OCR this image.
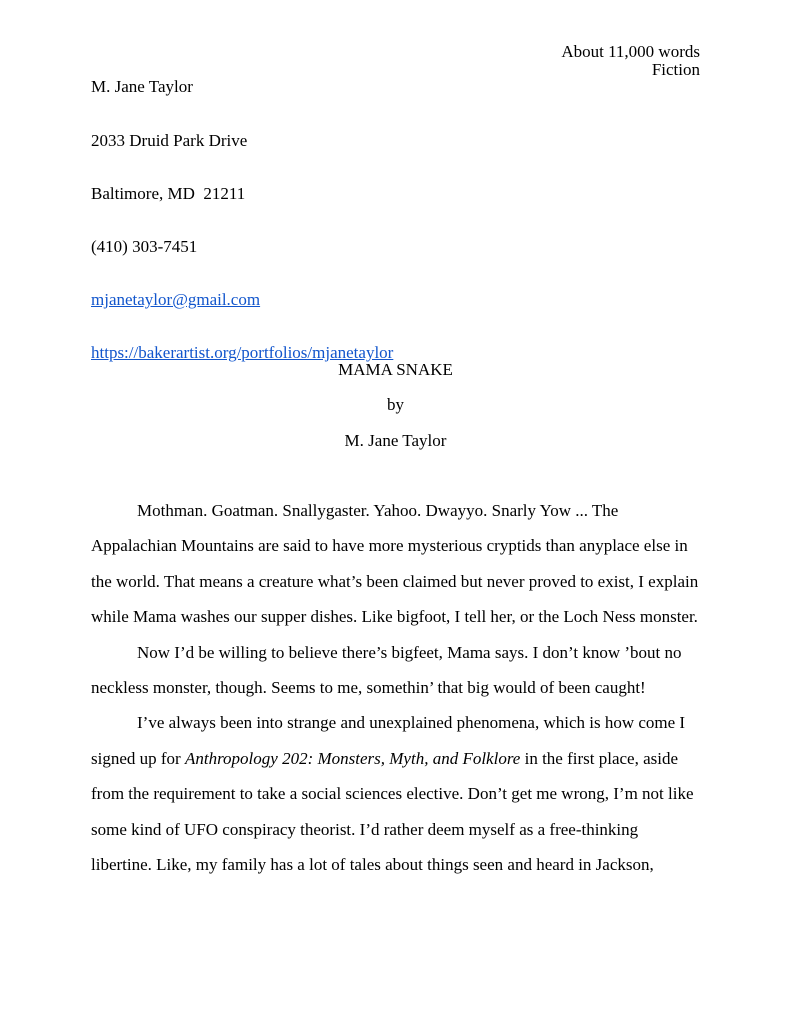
M. Jane Taylor

2033 Druid Park Drive

Baltimore, MD  21211

(410) 303-7451

mjanetaylor@gmail.com

https://bakerartist.org/portfolios/mjanetaylor

About 11,000 words
Fiction
MAMA SNAKE
by
M. Jane Taylor

Mothman. Goatman. Snallygaster. Yahoo. Dwayyo. Snarly Yow ... The Appalachian Mountains are said to have more mysterious cryptids than anyplace else in the world. That means a creature what’s been claimed but never proved to exist, I explain while Mama washes our supper dishes. Like bigfoot, I tell her, or the Loch Ness monster.

Now I’d be willing to believe there’s bigfeet, Mama says. I don’t know ’bout no neckless monster, though. Seems to me, somethin’ that big would of been caught!

I’ve always been into strange and unexplained phenomena, which is how come I signed up for Anthropology 202: Monsters, Myth, and Folklore in the first place, aside from the requirement to take a social sciences elective. Don’t get me wrong, I’m not like some kind of UFO conspiracy theorist. I’d rather deem myself as a free-thinking libertine. Like, my family has a lot of tales about things seen and heard in Jackson,
